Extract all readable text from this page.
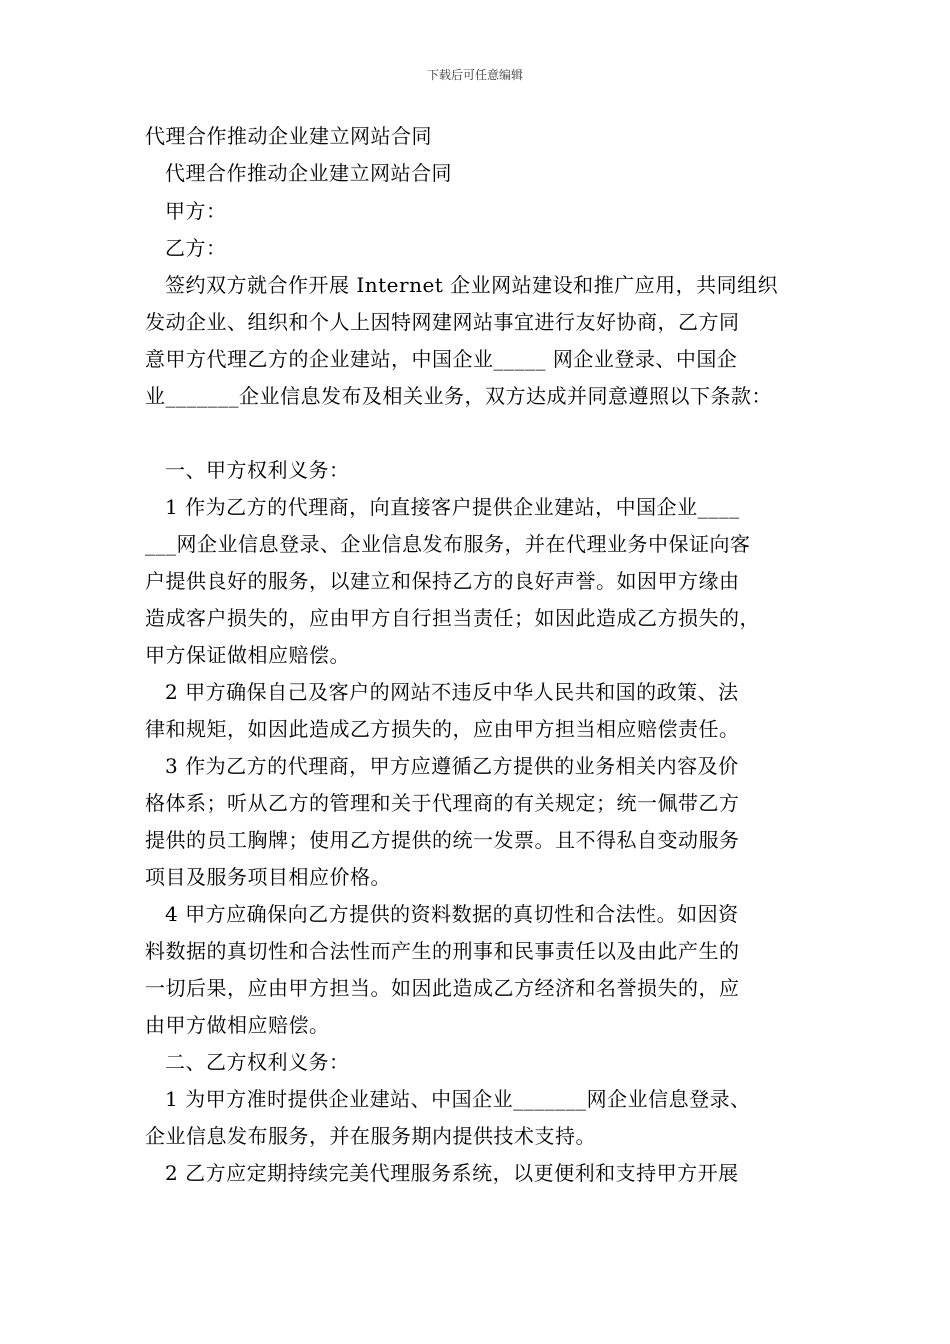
下载后可任意编辑
代理合作推动企业建立网站合同
代理合作推动企业建立网站合同
甲方：
乙方：
签约双方就合作开展 Internet 企业网站建设和推广应用，共同组织
发动企业、组织和个人上因特网建网站事宜进行友好协商，乙方同
意甲方代理乙方的企业建站，中国企业_____ 网企业登录、中国企
业_______企业信息发布及相关业务，双方达成并同意遵照以下条款：
一、甲方权利义务：
1 作为乙方的代理商，向直接客户提供企业建站，中国企业____
___网企业信息登录、企业信息发布服务，并在代理业务中保证向客
户提供良好的服务，以建立和保持乙方的良好声誉。如因甲方缘由
造成客户损失的，应由甲方自行担当责任；如因此造成乙方损失的，
甲方保证做相应赔偿。
2 甲方确保自己及客户的网站不违反中华人民共和国的政策、法
律和规矩，如因此造成乙方损失的，应由甲方担当相应赔偿责任。
3 作为乙方的代理商，甲方应遵循乙方提供的业务相关内容及价
格体系；听从乙方的管理和关于代理商的有关规定；统一佩带乙方
提供的员工胸牌；使用乙方提供的统一发票。且不得私自变动服务
项目及服务项目相应价格。
4 甲方应确保向乙方提供的资料数据的真切性和合法性。如因资
料数据的真切性和合法性而产生的刑事和民事责任以及由此产生的
一切后果，应由甲方担当。如因此造成乙方经济和名誉损失的，应
由甲方做相应赔偿。
二、乙方权利义务：
1 为甲方准时提供企业建站、中国企业_______网企业信息登录、
企业信息发布服务，并在服务期内提供技术支持。
2 乙方应定期持续完美代理服务系统，以更便利和支持甲方开展
